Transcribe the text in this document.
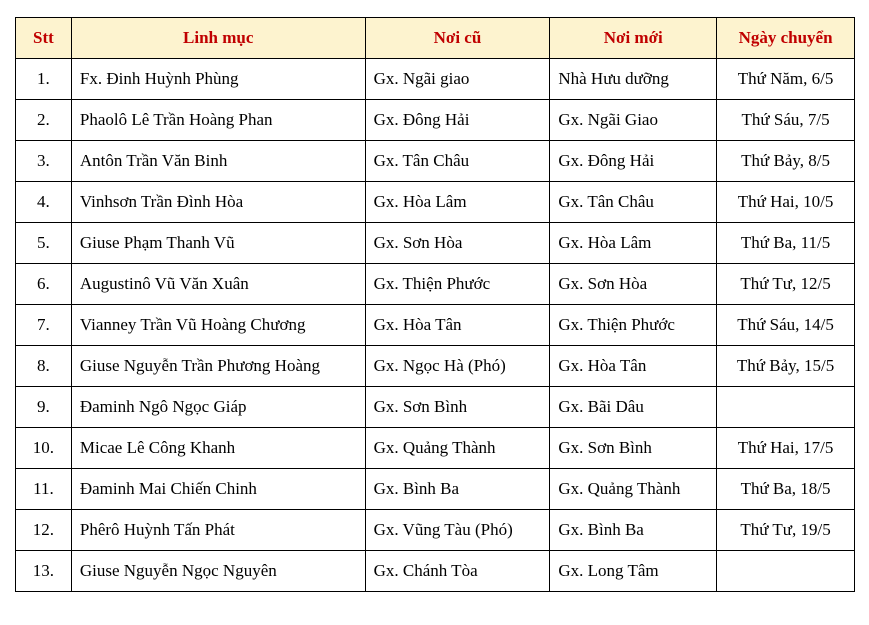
Stt	Linh mục	Nơi cũ	Nơi mới	Ngày chuyển
1.	Fx. Đinh Huỳnh Phùng	Gx. Ngãi giao	Nhà Hưu dưỡng	Thứ Năm, 6/5
2.	Phaolô Lê Trần Hoàng Phan	Gx. Đông Hải	Gx. Ngãi Giao	Thứ Sáu, 7/5
3.	Antôn Trần Văn Binh	Gx. Tân Châu	Gx. Đông Hải	Thứ Bảy, 8/5
4.	Vinhsơn Trần Đình Hòa	Gx. Hòa Lâm	Gx. Tân Châu	Thứ Hai, 10/5
5.	Giuse Phạm Thanh Vũ	Gx. Sơn Hòa	Gx. Hòa Lâm	Thứ Ba, 11/5
6.	Augustinô Vũ Văn Xuân	Gx. Thiện Phước	Gx. Sơn Hòa	Thứ Tư, 12/5
7.	Vianney Trần Vũ Hoàng Chương	Gx. Hòa Tân	Gx. Thiện Phước	Thứ Sáu, 14/5
8.	Giuse Nguyễn Trần Phương Hoàng	Gx. Ngọc Hà (Phó)	Gx. Hòa Tân	Thứ Bảy, 15/5
9.	Đaminh Ngô Ngọc Giáp	Gx. Sơn Bình	Gx. Bãi Dâu	
10.	Micae Lê Công Khanh	Gx. Quảng Thành	Gx. Sơn Bình	Thứ Hai, 17/5
11.	Đaminh Mai Chiến Chinh	Gx. Bình Ba	Gx. Quảng Thành	Thứ Ba, 18/5
12.	Phêrô Huỳnh Tấn Phát	Gx. Vũng Tàu (Phó)	Gx. Bình Ba	Thứ Tư, 19/5
13.	Giuse Nguyễn Ngọc Nguyên	Gx. Chánh Tòa	Gx. Long Tâm	
